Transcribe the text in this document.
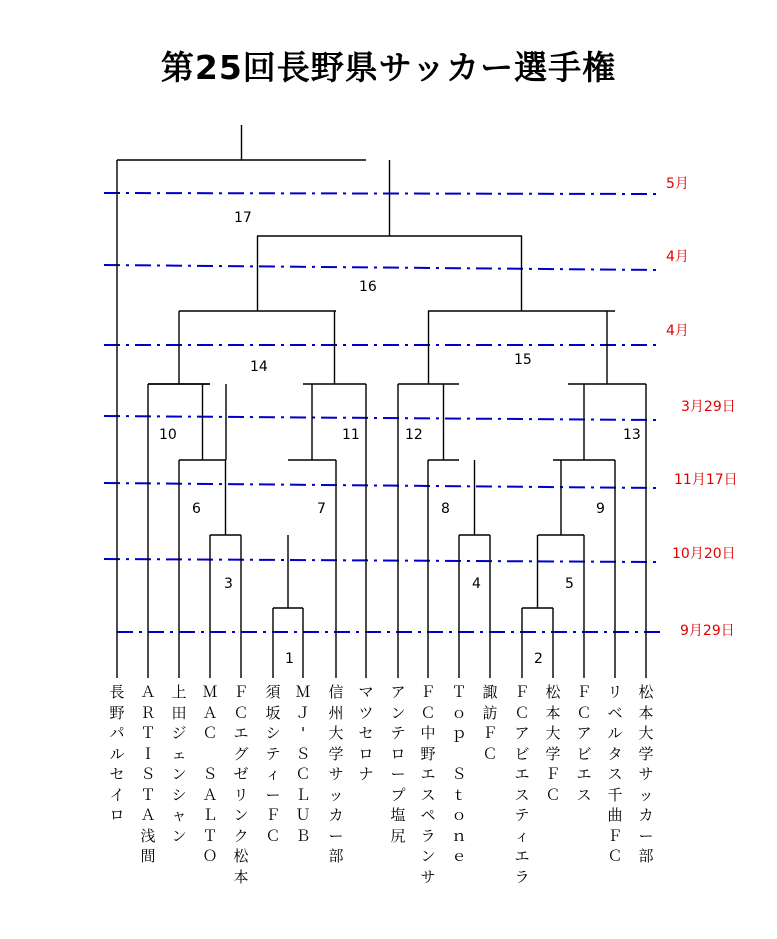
第25回長野県サッカー選手権
1	2
3	4	5
6	7	8	9
10	11	12	13
14	15
16
17
9月29日
10月20日
11月17日
3月29日
4月
4月
5月
長
野
パ
ル
セ
イ
ロ
Ａ
Ｒ
Ｔ
Ｉ
Ｓ
Ｔ
Ａ
浅
間
上
田
ジ
ェ
ン
シ
ャ
ン
Ｍ
Ａ
Ｃ

Ｓ
Ａ
Ｌ
Ｔ
Ｏ
Ｆ
Ｃ
エ
グ
ゼ
リ
ン
ク
松
本
須
坂
シ
テ
ィ
ー
Ｆ
Ｃ
Ｍ
Ｊ
'
Ｓ
Ｃ
Ｌ
Ｕ
Ｂ
信
州
大
学
サ
ッ
カ
ー
部
マ
ツ
セ
ロ
ナ
ア
ン
テ
ロ
ー
プ
塩
尻
Ｆ
Ｃ
中
野
エ
ス
ペ
ラ
ン
サ
Ｔ
ｏ
ｐ

Ｓ
ｔ
ｏ
ｎ
ｅ
諏
訪
Ｆ
Ｃ
Ｆ
Ｃ
ア
ビ
エ
ス
テ
ィ
エ
ラ
松
本
大
学
Ｆ
Ｃ
Ｆ
Ｃ
ア
ビ
エ
ス
リ
ベ
ル
タ
ス
千
曲
Ｆ
Ｃ
松
本
大
学
サ
ッ
カ
ー
部
